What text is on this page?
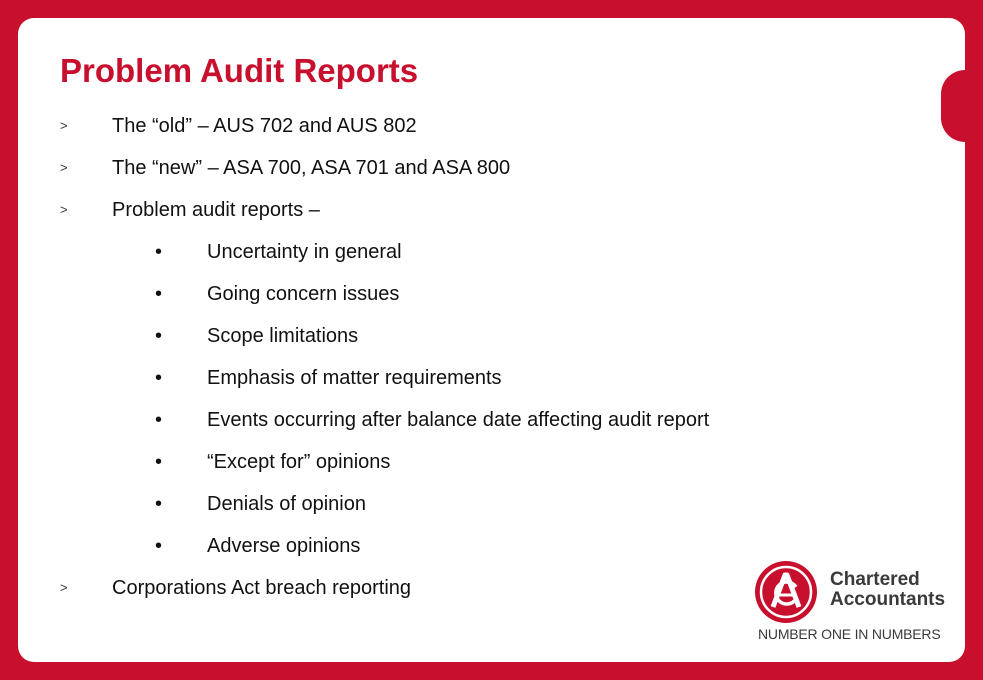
Problem Audit Reports
> The “old” – AUS 702 and AUS 802
> The “new” – ASA 700, ASA 701 and ASA 800
> Problem audit reports –
• Uncertainty in general
• Going concern issues
• Scope limitations
• Emphasis of matter requirements
• Events occurring after balance date affecting audit report
• “Except for” opinions
• Denials of opinion
• Adverse opinions
> Corporations Act breach reporting	Chartered
Accountants
NUMBER ONE IN NUMBERS
